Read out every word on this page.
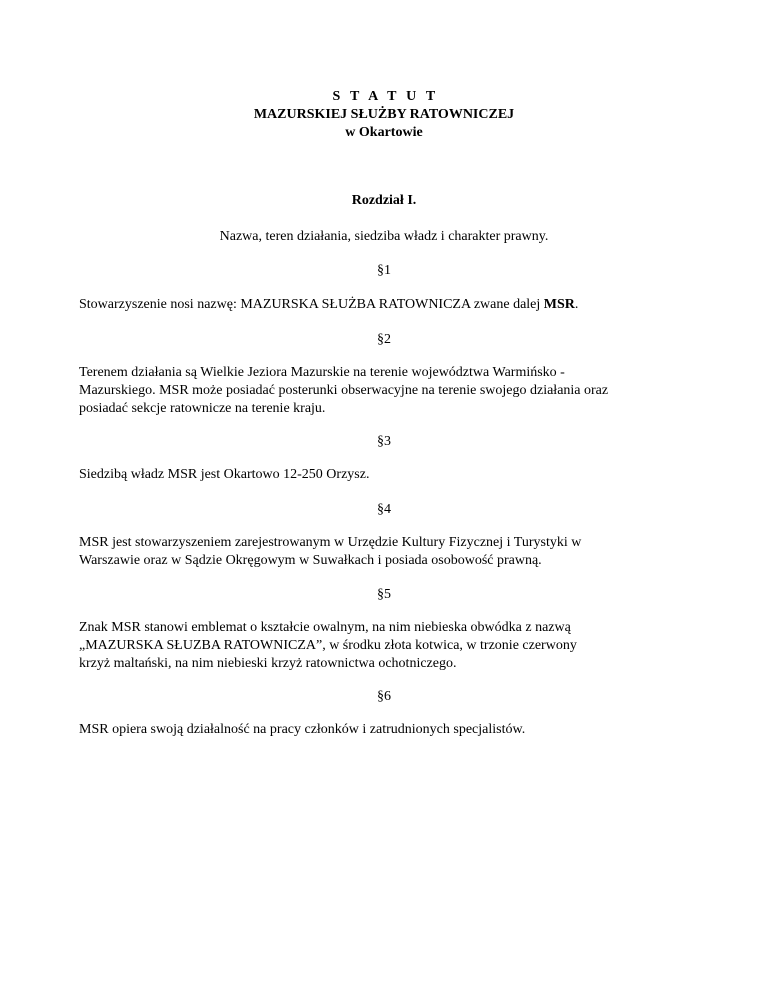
S T A T U T
MAZURSKIEJ SŁUŻBY RATOWNICZEJ
w Okartowie
Rozdział I.
Nazwa, teren działania, siedziba władz i charakter prawny.
§1
Stowarzyszenie nosi nazwę: MAZURSKA SŁUŻBA RATOWNICZA zwane dalej MSR.
§2
Terenem działania są Wielkie Jeziora Mazurskie na terenie województwa Warmińsko -
Mazurskiego. MSR może posiadać posterunki obserwacyjne na terenie swojego działania oraz
posiadać sekcje ratownicze na terenie kraju.
§3
Siedzibą władz MSR jest Okartowo 12-250 Orzysz.
§4
MSR jest stowarzyszeniem zarejestrowanym w Urzędzie Kultury Fizycznej i Turystyki w
Warszawie oraz w Sądzie Okręgowym w Suwałkach i posiada osobowość prawną.
§5
Znak MSR stanowi emblemat o kształcie owalnym, na nim niebieska obwódka z nazwą
„MAZURSKA SŁUZBA RATOWNICZA”, w środku złota kotwica, w trzonie czerwony
krzyż maltański, na nim niebieski krzyż ratownictwa ochotniczego.
§6
MSR opiera swoją działalność na pracy członków i zatrudnionych specjalistów.
